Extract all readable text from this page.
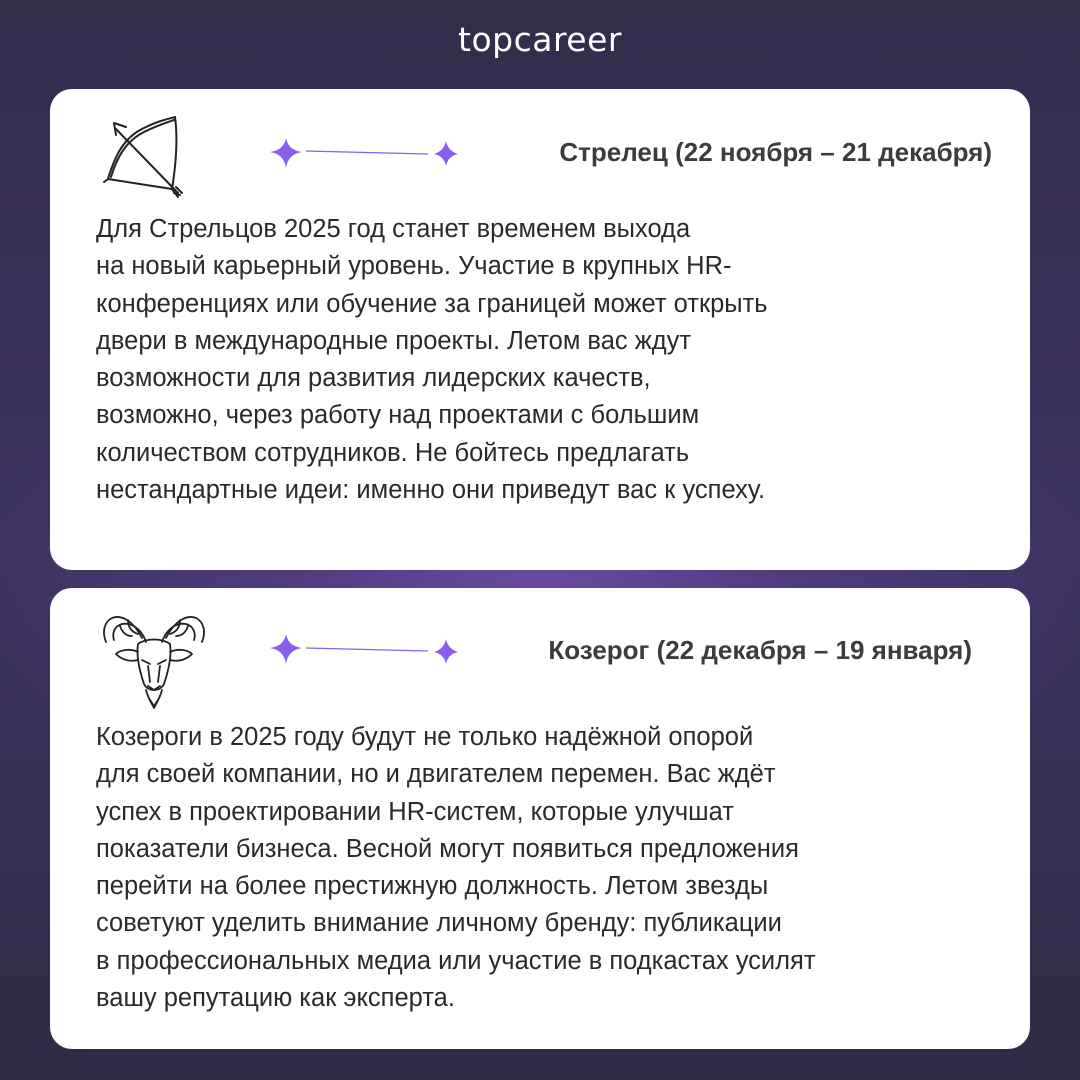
topcareer
Стрелец (22 ноября – 21 декабря)

Для Стрельцов 2025 год станет временем выхода
на новый карьерный уровень. Участие в крупных HR-
конференциях или обучение за границей может открыть
двери в международные проекты. Летом вас ждут
возможности для развития лидерских качеств,
возможно, через работу над проектами с большим
количеством сотрудников. Не бойтесь предлагать
нестандартные идеи: именно они приведут вас к успеху.

Козерог (22 декабря – 19 января)

Козероги в 2025 году будут не только надёжной опорой
для своей компании, но и двигателем перемен. Вас ждёт
успех в проектировании HR-систем, которые улучшат
показатели бизнеса. Весной могут появиться предложения
перейти на более престижную должность. Летом звезды
советуют уделить внимание личному бренду: публикации
в профессиональных медиа или участие в подкастах усилят
вашу репутацию как эксперта.
